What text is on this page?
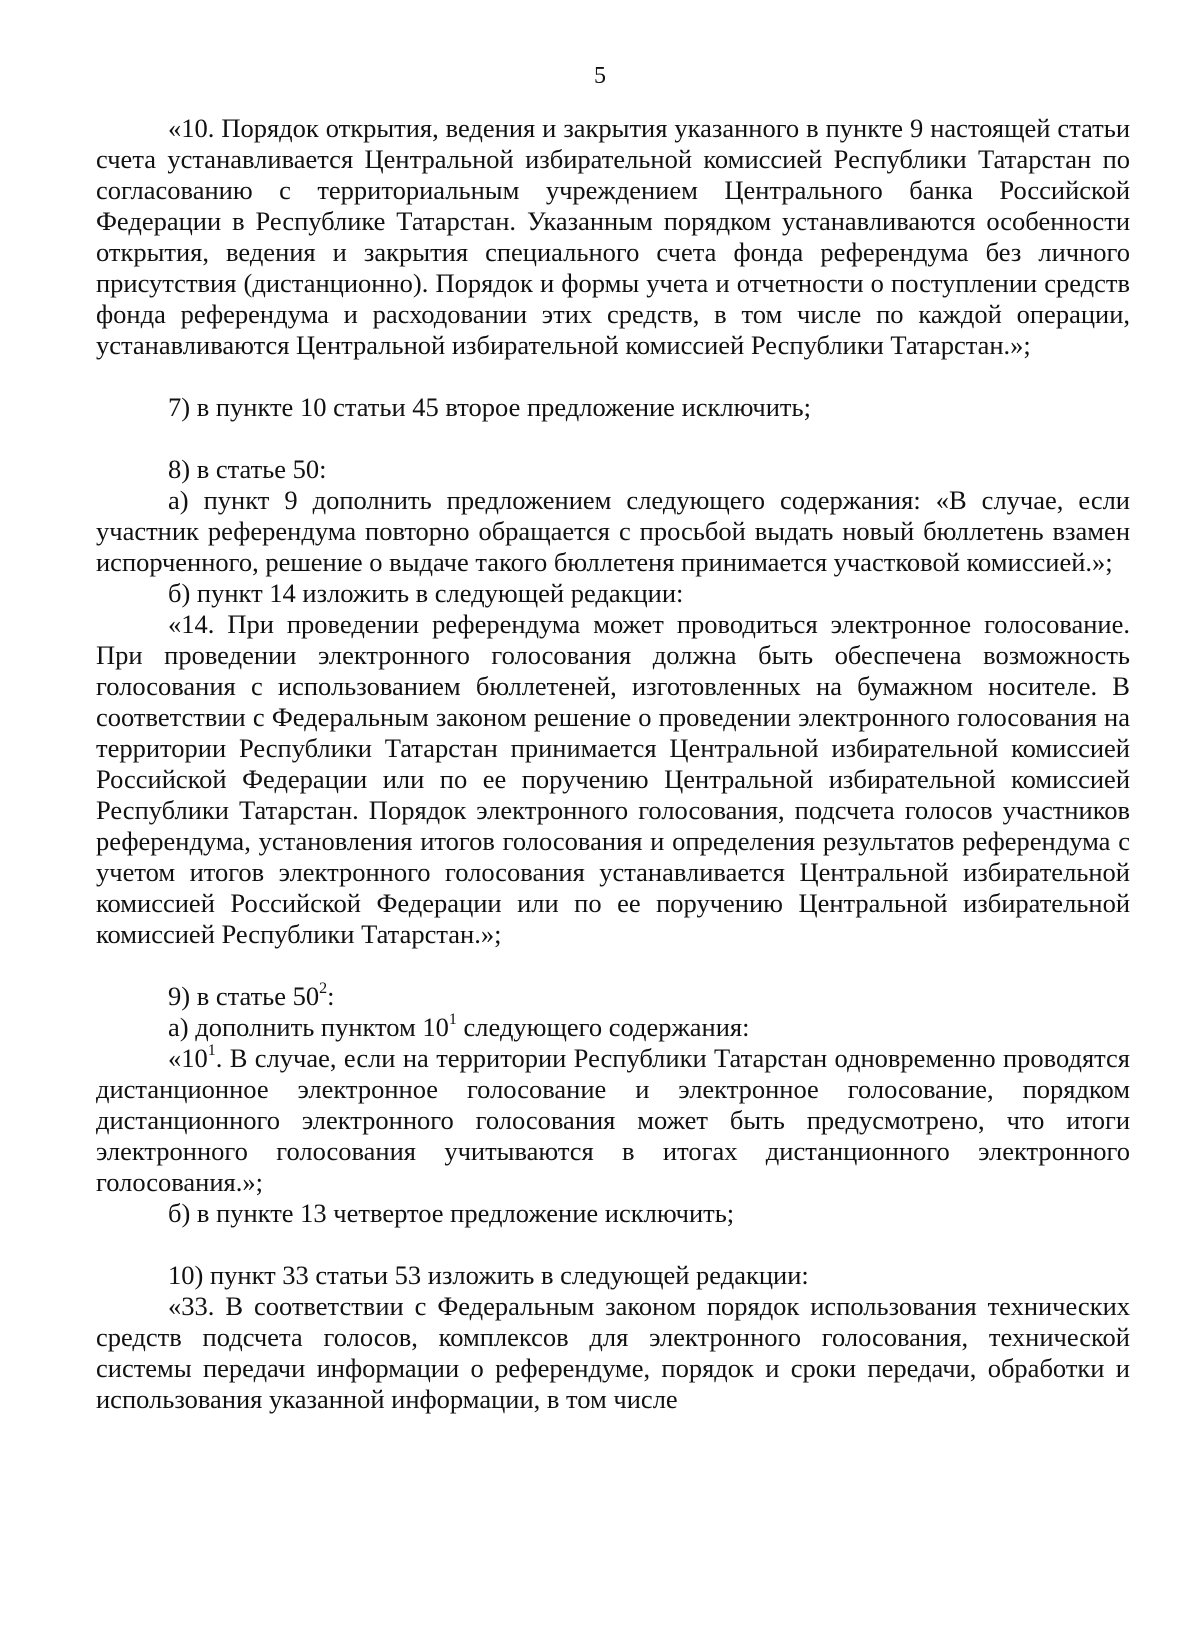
5

«10. Порядок открытия, ведения и закрытия указанного в пункте 9 настоящей статьи счета устанавливается Центральной избирательной комиссией Республики Татарстан по согласованию с территориальным учреждением Центрального банка Российской Федерации в Республике Татарстан. Указанным порядком устанавливаются особенности открытия, ведения и закрытия специального счета фонда референдума без личного присутствия (дистанционно). Порядок и формы учета и отчетности о поступлении средств фонда референдума и расходовании этих средств, в том числе по каждой операции, устанавливаются Центральной избирательной комиссией Республики Татарстан.»;

7) в пункте 10 статьи 45 второе предложение исключить;

8) в статье 50:

а) пункт 9 дополнить предложением следующего содержания: «В случае, если участник референдума повторно обращается с просьбой выдать новый бюллетень взамен испорченного, решение о выдаче такого бюллетеня принимается участковой комиссией.»;

б) пункт 14 изложить в следующей редакции:

«14. При проведении референдума может проводиться электронное голосование. При проведении электронного голосования должна быть обеспечена возможность голосования с использованием бюллетеней, изготовленных на бумажном носителе. В соответствии с Федеральным законом решение о проведении электронного голосования на территории Республики Татарстан принимается Центральной избирательной комиссией Российской Федерации или по ее поручению Центральной избирательной комиссией Республики Татарстан. Порядок электронного голосования, подсчета голосов участников референдума, установления итогов голосования и определения результатов референдума с учетом итогов электронного голосования устанавливается Центральной избирательной комиссией Российской Федерации или по ее поручению Центральной избирательной комиссией Республики Татарстан.»;

9) в статье $50^2$:

а) дополнить пунктом $10^1$ следующего содержания:

«$10^1$. В случае, если на территории Республики Татарстан одновременно проводятся дистанционное электронное голосование и электронное голосование, порядком дистанционного электронного голосования может быть предусмотрено, что итоги электронного голосования учитываются в итогах дистанционного электронного голосования.»;

б) в пункте 13 четвертое предложение исключить;

10) пункт 33 статьи 53 изложить в следующей редакции:

«33. В соответствии с Федеральным законом порядок использования технических средств подсчета голосов, комплексов для электронного голосования, технической системы передачи информации о референдуме, порядок и сроки передачи, обработки и использования указанной информации, в том числе
